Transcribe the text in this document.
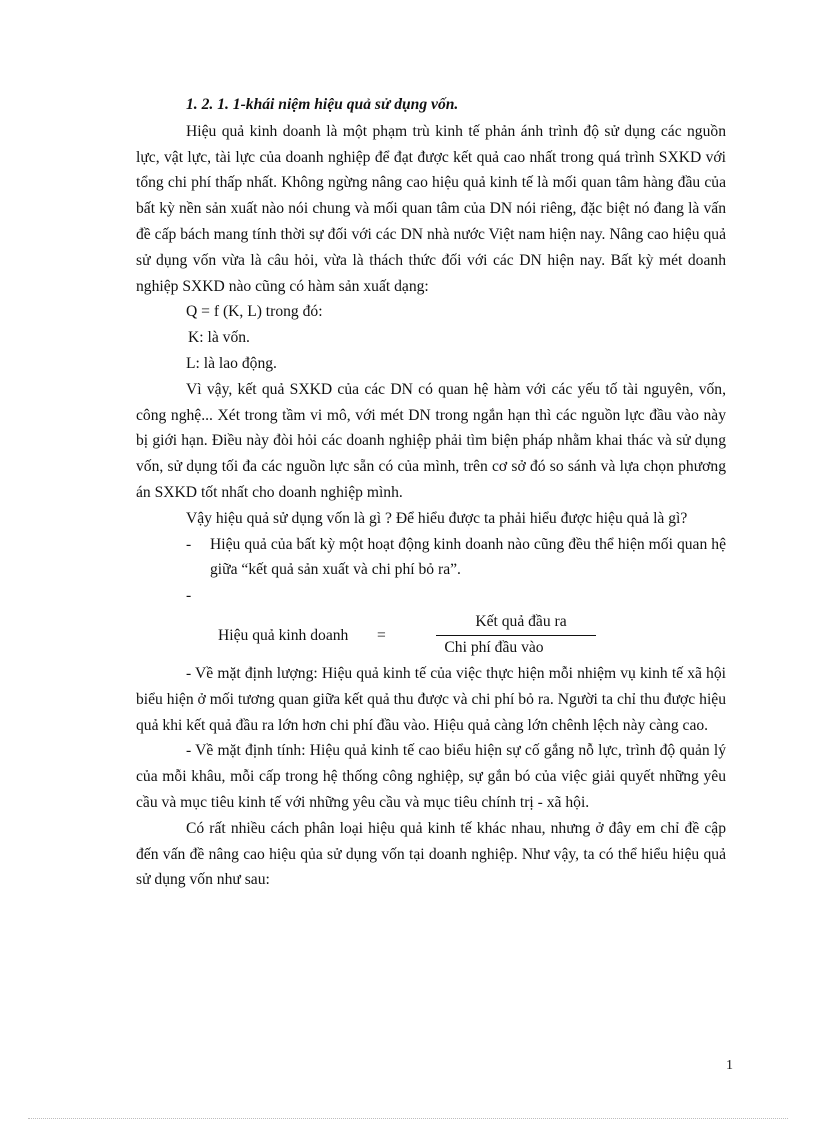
1. 2. 1. 1-khái niệm hiệu quả sử dụng vốn.

Hiệu quả kinh doanh là một phạm trù kinh tế phản ánh trình độ sử dụng các nguồn lực, vật lực, tài lực của doanh nghiệp để đạt được kết quả cao nhất trong quá trình SXKD với tổng chi phí thấp nhất. Không ngừng nâng cao hiệu quả kinh tế là mối quan tâm hàng đầu của bất kỳ nền sản xuất nào nói chung và mối quan tâm của DN nói riêng, đặc biệt nó đang là vấn đề cấp bách mang tính thời sự đối với các DN nhà nước Việt nam hiện nay. Nâng cao hiệu quả sử dụng vốn vừa là câu hỏi, vừa là thách thức đối với các DN hiện nay. Bất kỳ mét doanh nghiệp SXKD nào cũng có hàm sản xuất dạng:

Q = f (K, L) trong đó:
K: là vốn.
L: là lao động.

Vì vậy, kết quả SXKD của các DN có quan hệ hàm với các yếu tố tài nguyên, vốn, công nghệ... Xét trong tầm vi mô, với mét DN trong ngắn hạn thì các nguồn lực đầu vào này bị giới hạn. Điều này đòi hỏi các doanh nghiệp phải tìm biện pháp nhằm khai thác và sử dụng vốn, sử dụng tối đa các nguồn lực sẵn có của mình, trên cơ sở đó so sánh và lựa chọn phương án SXKD tốt nhất cho doanh nghiệp mình.

Vậy hiệu quả sử dụng vốn là gì ? Để hiểu được ta phải hiểu được hiệu quả là gì?

-	Hiệu quả của bất kỳ một hoạt động kinh doanh nào cũng đều thể hiện mối quan hệ giữa “kết quả sản xuất và chi phí bỏ ra”.
-
Hiệu quả kinh doanh =
Kết quả đầu ra
Chi phí đầu vào

- Về mặt định lượng: Hiệu quả kinh tế của việc thực hiện mỗi nhiệm vụ kinh tế xã hội biểu hiện ở mối tương quan giữa kết quả thu được và chi phí bỏ ra. Người ta chỉ thu được hiệu quả khi kết quả đầu ra lớn hơn chi phí đầu vào. Hiệu quả càng lớn chênh lệch này càng cao.

- Về mặt định tính: Hiệu quả kinh tế cao biểu hiện sự cố gắng nỗ lực, trình độ quản lý của mỗi khâu, mỗi cấp trong hệ thống công nghiệp, sự gắn bó của việc giải quyết những yêu cầu và mục tiêu kinh tế với những yêu cầu và mục tiêu chính trị - xã hội.

Có rất nhiều cách phân loại hiệu quả kinh tế khác nhau, nhưng ở đây em chỉ đề cập đến vấn đề nâng cao hiệu qủa sử dụng vốn tại doanh nghiệp. Như vậy, ta có thể hiểu hiệu quả sử dụng vốn như sau:

1
